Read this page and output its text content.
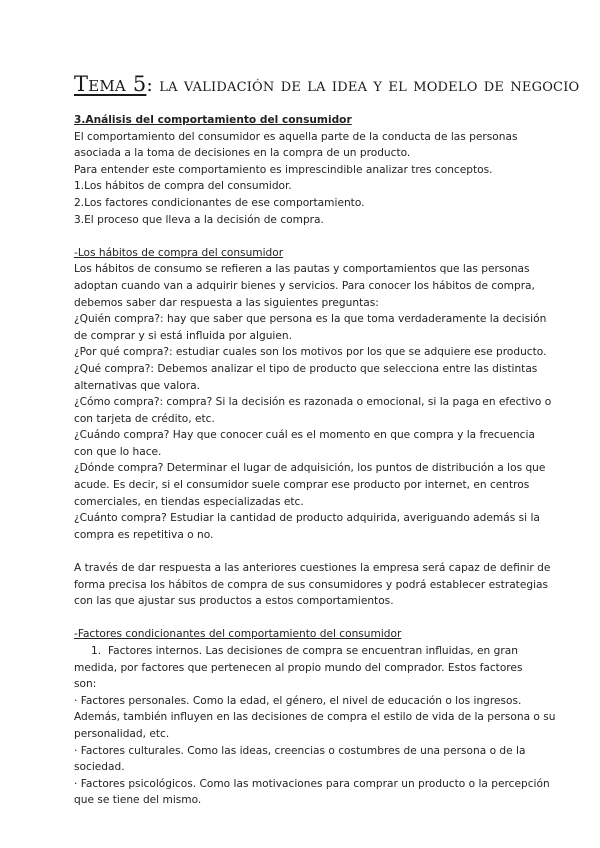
Tema 5: la validación de la idea y el modelo de negocio
3.Análisis del comportamiento del consumidor
El comportamiento del consumidor es aquella parte de la conducta de las personas
asociada a la toma de decisiones en la compra de un producto.
Para entender este comportamiento es imprescindible analizar tres conceptos.
1.Los hábitos de compra del consumidor.
2.Los factores condicionantes de ese comportamiento.
3.El proceso que lleva a la decisión de compra.
-Los hábitos de compra del consumidor
Los hábitos de consumo se refieren a las pautas y comportamientos que las personas
adoptan cuando van a adquirir bienes y servicios. Para conocer los hábitos de compra,
debemos saber dar respuesta a las siguientes preguntas:
¿Quién compra?: hay que saber que persona es la que toma verdaderamente la decisión
de comprar y si está influida por alguien.
¿Por qué compra?: estudiar cuales son los motivos por los que se adquiere ese producto.
¿Qué compra?: Debemos analizar el tipo de producto que selecciona entre las distintas
alternativas que valora.
¿Cómo compra?: compra? Si la decisión es razonada o emocional, si la paga en efectivo o
con tarjeta de crédito, etc.
¿Cuándo compra? Hay que conocer cuál es el momento en que compra y la frecuencia
con que lo hace.
¿Dónde compra? Determinar el lugar de adquisición, los puntos de distribución a los que
acude. Es decir, si el consumidor suele comprar ese producto por internet, en centros
comerciales, en tiendas especializadas etc.
¿Cuánto compra? Estudiar la cantidad de producto adquirida, averiguando además si la
compra es repetitiva o no.
A través de dar respuesta a las anteriores cuestiones la empresa será capaz de definir de
forma precisa los hábitos de compra de sus consumidores y podrá establecer estrategias
con las que ajustar sus productos a estos comportamientos.
-Factores condicionantes del comportamiento del consumidor
1. Factores internos. Las decisiones de compra se encuentran influidas, en gran
medida, por factores que pertenecen al propio mundo del comprador. Estos factores
son:
· Factores personales. Como la edad, el género, el nivel de educación o los ingresos.
Además, también influyen en las decisiones de compra el estilo de vida de la persona o su
personalidad, etc.
· Factores culturales. Como las ideas, creencias o costumbres de una persona o de la
sociedad.
· Factores psicológicos. Como las motivaciones para comprar un producto o la percepción
que se tiene del mismo.
